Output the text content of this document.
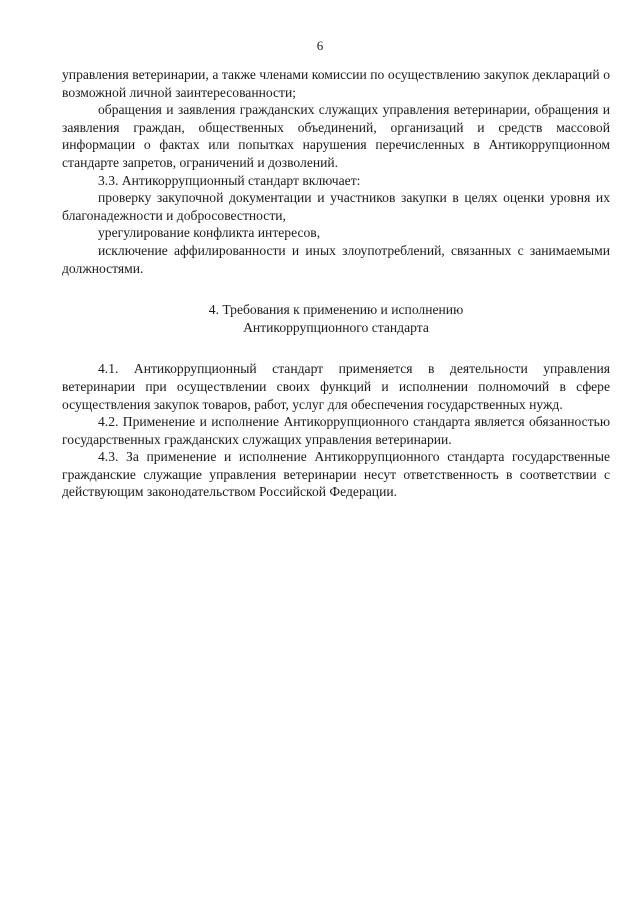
6

управления ветеринарии, а также членами комиссии по осуществлению закупок деклараций о возможной личной заинтересованности;

обращения и заявления гражданских служащих управления ветеринарии, обращения и заявления граждан, общественных объединений, организаций и средств массовой информации о фактах или попытках нарушения перечисленных в Антикоррупционном стандарте запретов, ограничений и дозволений.

3.3. Антикоррупционный стандарт включает:

проверку закупочной документации и участников закупки в целях оценки уровня их благонадежности и добросовестности,

урегулирование конфликта интересов,

исключение аффилированности и иных злоупотреблений, связанных с занимаемыми должностями.

4. Требования к применению и исполнению
Антикоррупционного стандарта

4.1. Антикоррупционный стандарт применяется в деятельности управления ветеринарии при осуществлении своих функций и исполнении полномочий в сфере осуществления закупок товаров, работ, услуг для обеспечения государственных нужд.

4.2. Применение и исполнение Антикоррупционного стандарта является обязанностью государственных гражданских служащих управления ветеринарии.

4.3. За применение и исполнение Антикоррупционного стандарта государственные гражданские служащие управления ветеринарии несут ответственность в соответствии с действующим законодательством Российской Федерации.
